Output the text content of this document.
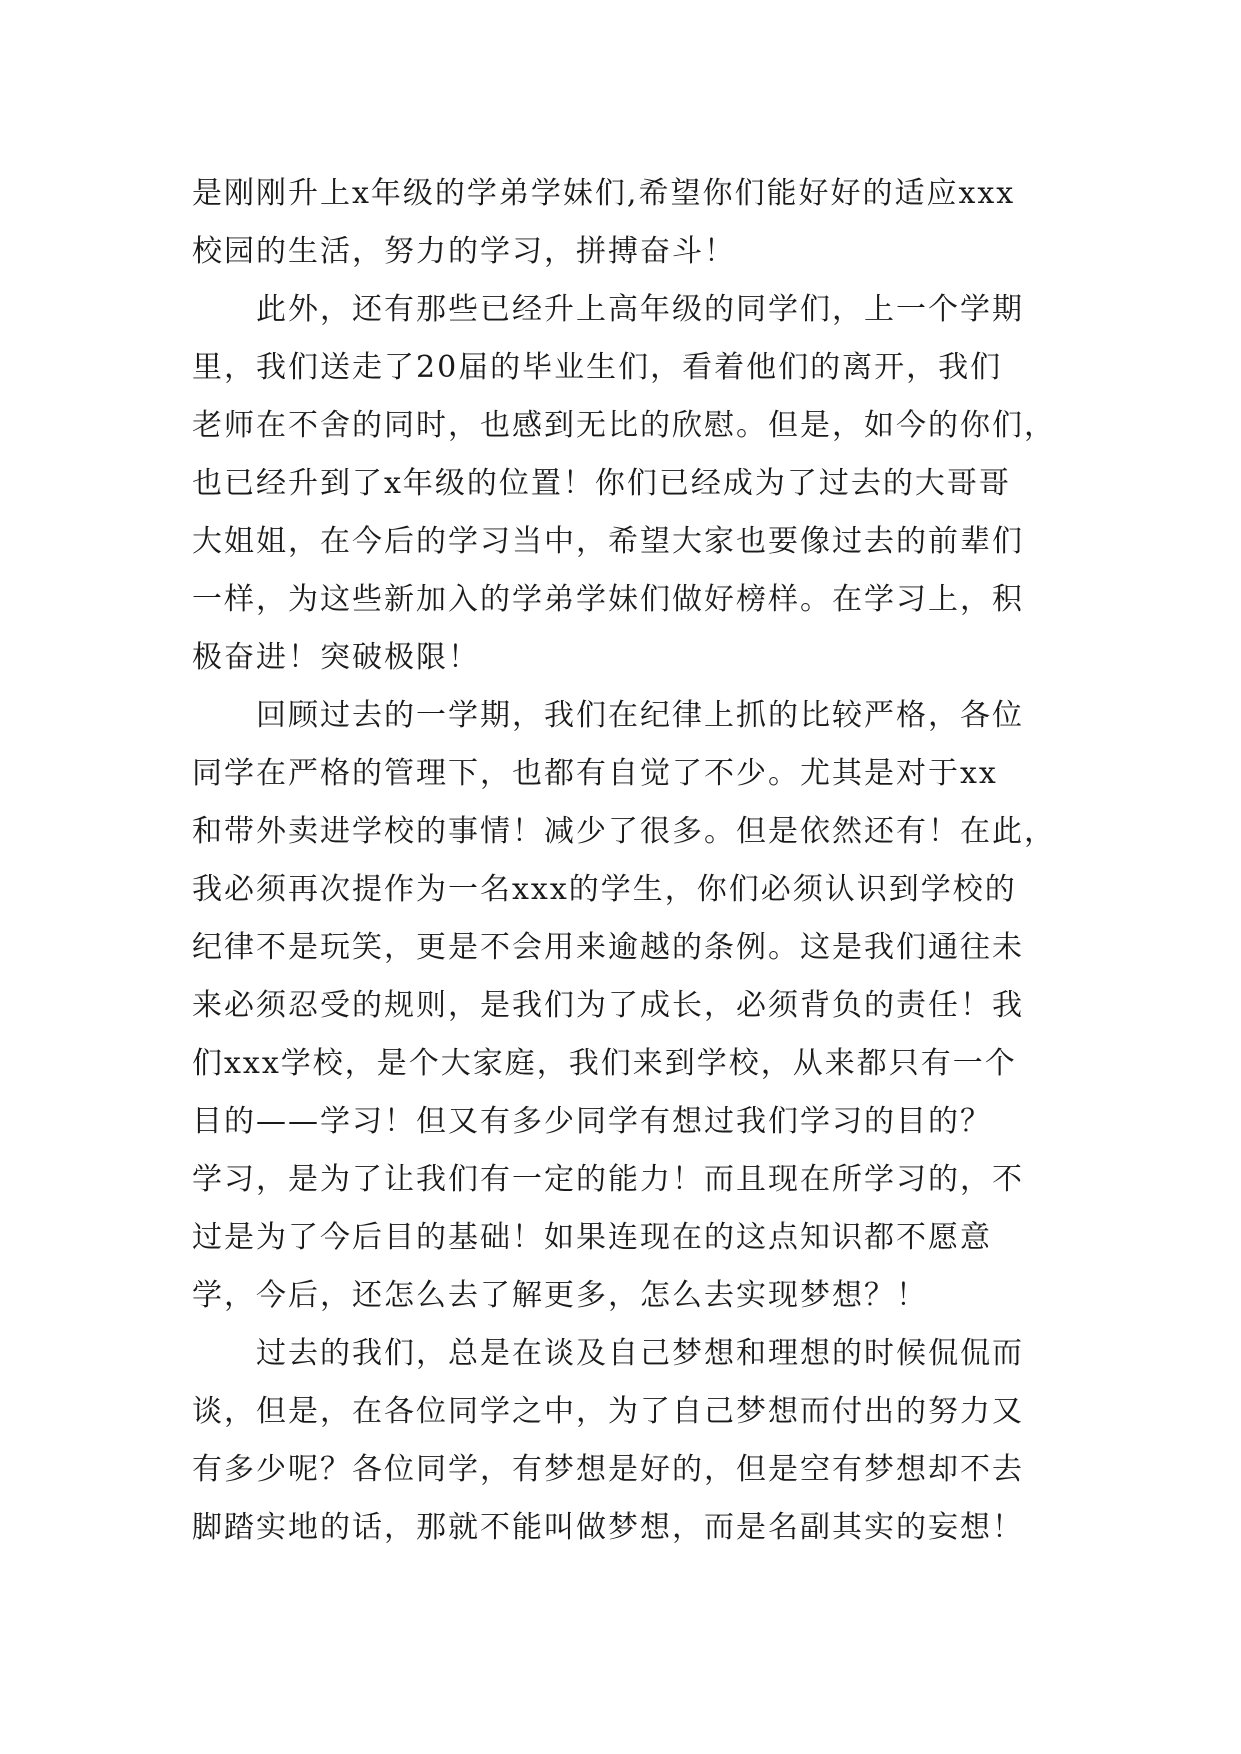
是刚刚升上x年级的学弟学妹们,希望你们能好好的适应xxx
校园的生活，努力的学习，拼搏奋斗！
此外，还有那些已经升上高年级的同学们，上一个学期
里，我们送走了20届的毕业生们，看着他们的离开，我们
老师在不舍的同时，也感到无比的欣慰。但是，如今的你们，
也已经升到了x年级的位置！你们已经成为了过去的大哥哥
大姐姐，在今后的学习当中，希望大家也要像过去的前辈们
一样，为这些新加入的学弟学妹们做好榜样。在学习上，积
极奋进！突破极限！
回顾过去的一学期，我们在纪律上抓的比较严格，各位
同学在严格的管理下，也都有自觉了不少。尤其是对于xx
和带外卖进学校的事情！减少了很多。但是依然还有！在此，
我必须再次提作为一名xxx的学生，你们必须认识到学校的
纪律不是玩笑，更是不会用来逾越的条例。这是我们通往未
来必须忍受的规则，是我们为了成长，必须背负的责任！我
们xxx学校，是个大家庭，我们来到学校，从来都只有一个
目的——学习！但又有多少同学有想过我们学习的目的？
学习，是为了让我们有一定的能力！而且现在所学习的，不
过是为了今后目的基础！如果连现在的这点知识都不愿意
学，今后，还怎么去了解更多，怎么去实现梦想？！
过去的我们，总是在谈及自己梦想和理想的时候侃侃而
谈，但是，在各位同学之中，为了自己梦想而付出的努力又
有多少呢？各位同学，有梦想是好的，但是空有梦想却不去
脚踏实地的话，那就不能叫做梦想，而是名副其实的妄想！
